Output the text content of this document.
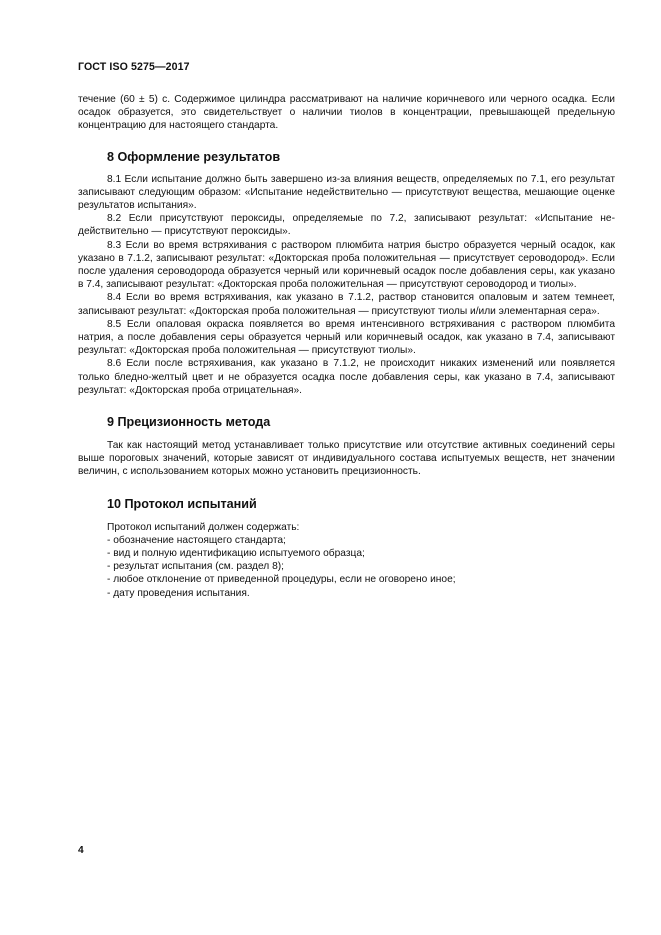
ГОСТ ISO 5275—2017

течение (60 ± 5) с. Содержимое цилиндра рассматривают на наличие коричневого или черного осадка. Если осадок образуется, это свидетельствует о наличии тиолов в концентрации, превышающей предельную концентрацию для настоящего стандарта.

8 Оформление результатов

8.1 Если испытание должно быть завершено из-за влияния веществ, определяемых по 7.1, его результат записывают следующим образом: «Испытание недействительно — присутствуют вещества, мешающие оценке результатов испытания».

8.2 Если присутствуют пероксиды, определяемые по 7.2, записывают результат: «Испытание недействительно — присутствуют пероксиды».

8.3 Если во время встряхивания с раствором плюмбита натрия быстро образуется черный осадок, как указано в 7.1.2, записывают результат: «Докторская проба положительная — присутствует сероводород». Если после удаления сероводорода образуется черный или коричневый осадок после добавления серы, как указано в 7.4, записывают результат: «Докторская проба положительная — присутствуют сероводород и тиолы».

8.4 Если во время встряхивания, как указано в 7.1.2, раствор становится опаловым и затем темнеет, записывают результат: «Докторская проба положительная — присутствуют тиолы и/или элементарная сера».

8.5 Если опаловая окраска появляется во время интенсивного встряхивания с раствором плюмбита натрия, а после добавления серы образуется черный или коричневый осадок, как указано в 7.4, записывают результат: «Докторская проба положительная — присутствуют тиолы».

8.6 Если после встряхивания, как указано в 7.1.2, не происходит никаких изменений или появляется только бледно-желтый цвет и не образуется осадка после добавления серы, как указано в 7.4, записывают результат: «Докторская проба отрицательная».

9 Прецизионность метода

Так как настоящий метод устанавливает только присутствие или отсутствие активных соединений серы выше пороговых значений, которые зависят от индивидуального состава испытуемых веществ, нет значении величин, с использованием которых можно установить прецизионность.

10 Протокол испытаний
Протокол испытаний должен содержать:
- обозначение настоящего стандарта;
- вид и полную идентификацию испытуемого образца;
- результат испытания (см. раздел 8);
- любое отклонение от приведенной процедуры, если не оговорено иное;
- дату проведения испытания.
4
